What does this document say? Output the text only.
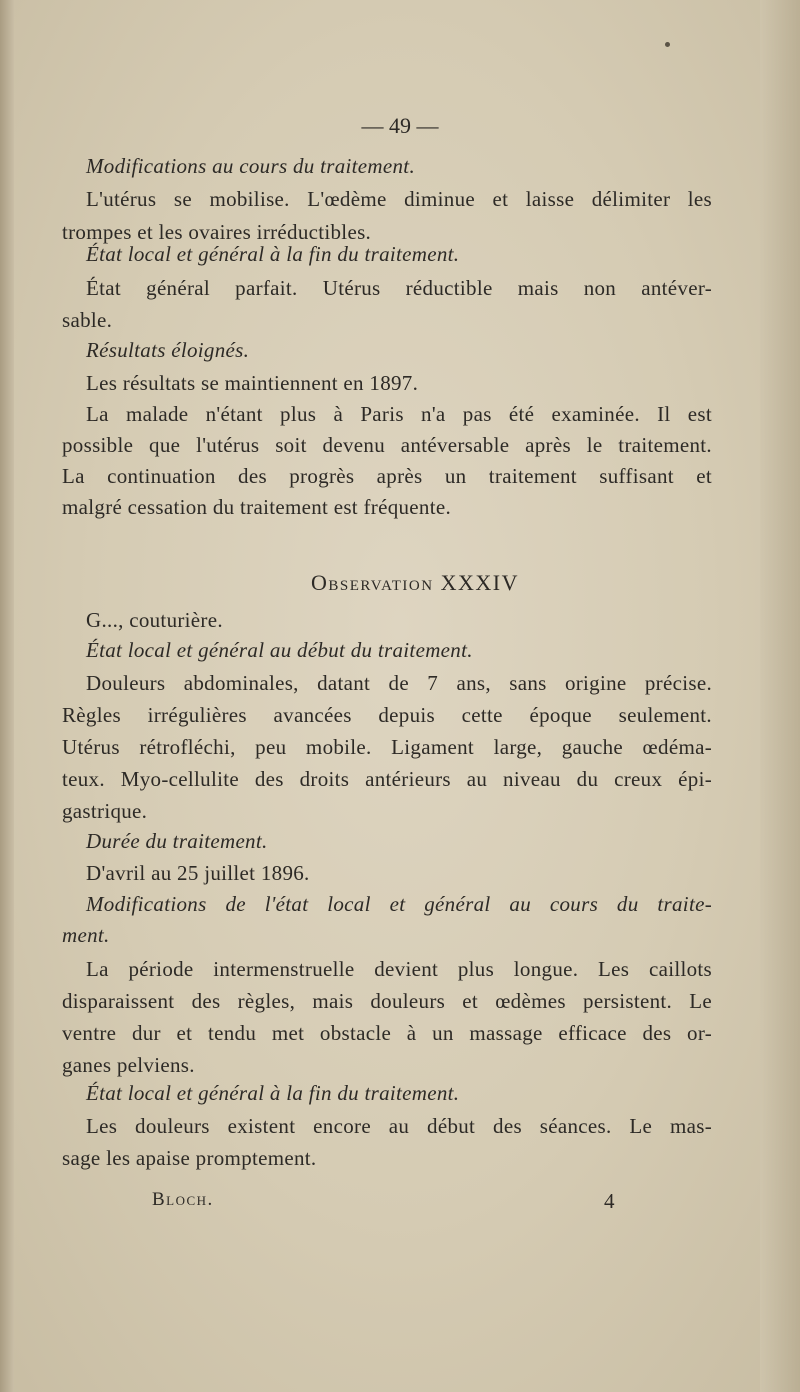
— 49 —
Modifications au cours du traitement.
L'utérus se mobilise. L'œdème diminue et laisse délimiter les
trompes et les ovaires irréductibles.
État local et général à la fin du traitement.
État général parfait. Utérus réductible mais non antéver-
sable.
Résultats éloignés.
Les résultats se maintiennent en 1897.
La malade n'étant plus à Paris n'a pas été examinée. Il est
possible que l'utérus soit devenu antéversable après le traitement.
La continuation des progrès après un traitement suffisant et
malgré cessation du traitement est fréquente.
Observation XXXIV
G..., couturière.
État local et général au début du traitement.
Douleurs abdominales, datant de 7 ans, sans origine précise.
Règles irrégulières avancées depuis cette époque seulement.
Utérus rétrofléchi, peu mobile. Ligament large, gauche œdéma-
teux. Myo-cellulite des droits antérieurs au niveau du creux épi-
gastrique.
Durée du traitement.
D'avril au 25 juillet 1896.
Modifications de l'état local et général au cours du traite-
ment.
La période intermenstruelle devient plus longue. Les caillots
disparaissent des règles, mais douleurs et œdèmes persistent. Le
ventre dur et tendu met obstacle à un massage efficace des or-
ganes pelviens.
État local et général à la fin du traitement.
Les douleurs existent encore au début des séances. Le mas-
sage les apaise promptement.
Bloch.	4
